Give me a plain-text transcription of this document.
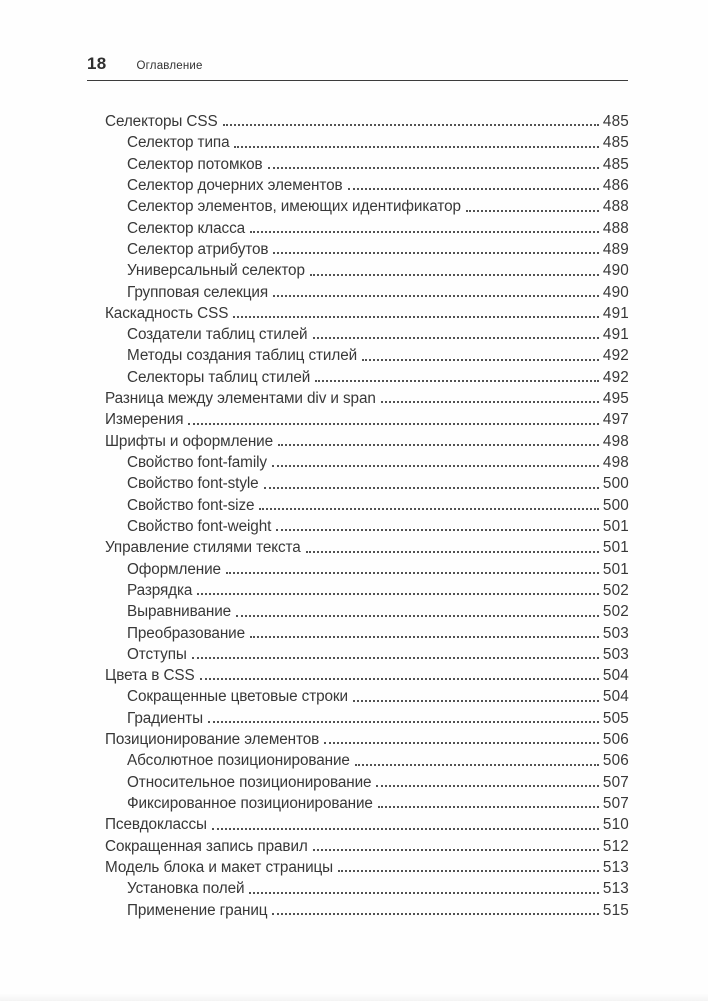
18	Оглавление
Селекторы CSS	485
Селектор типа	485
Селектор потомков	485
Селектор дочерних элементов	486
Селектор элементов, имеющих идентификатор	488
Селектор класса	488
Селектор атрибутов	489
Универсальный селектор	490
Групповая селекция	490
Каскадность CSS	491
Создатели таблиц стилей	491
Методы создания таблиц стилей	492
Селекторы таблиц стилей	492
Разница между элементами div и span	495
Измерения	497
Шрифты и оформление	498
Свойство font-family	498
Свойство font-style	500
Свойство font-size	500
Свойство font-weight	501
Управление стилями текста	501
Оформление	501
Разрядка	502
Выравнивание	502
Преобразование	503
Отступы	503
Цвета в CSS	504
Сокращенные цветовые строки	504
Градиенты	505
Позиционирование элементов	506
Абсолютное позиционирование	506
Относительное позиционирование	507
Фиксированное позиционирование	507
Псевдоклассы	510
Сокращенная запись правил	512
Модель блока и макет страницы	513
Установка полей	513
Применение границ	515
